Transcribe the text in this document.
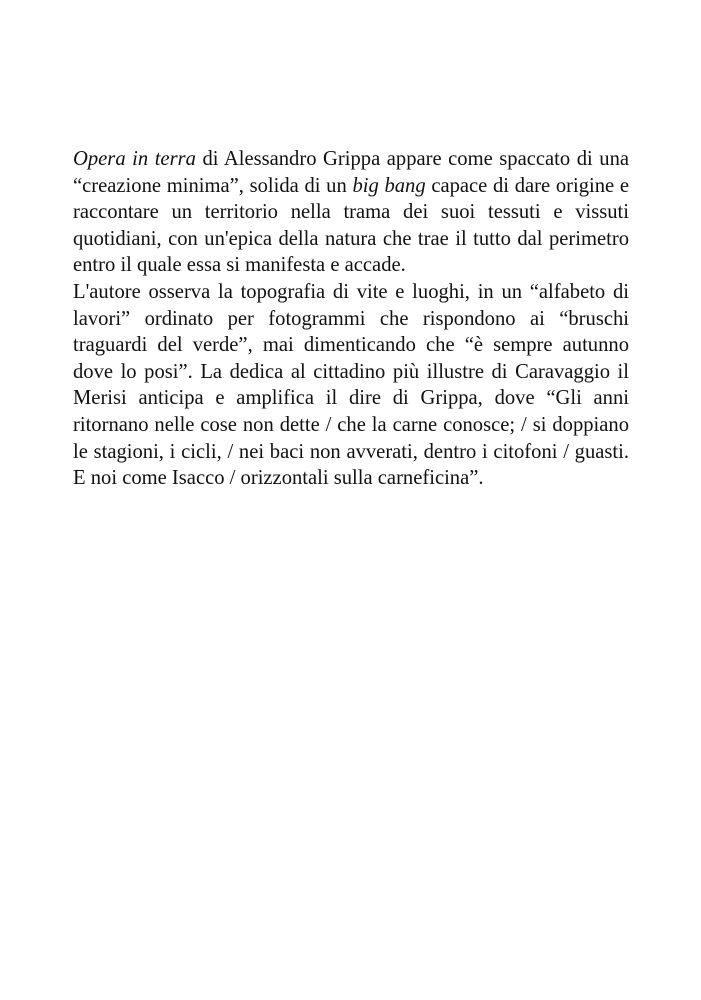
Opera in terra di Alessandro Grippa appare come spaccato di una “creazione minima”, solida di un big bang capace di dare origine e raccontare un territorio nella trama dei suoi tessuti e vissuti quotidiani, con un'epica della natura che trae il tutto dal perimetro entro il quale essa si manifesta e accade.

L'autore osserva la topografia di vite e luoghi, in un “alfabeto di lavori” ordinato per fotogrammi che rispondono ai “bruschi traguardi del verde”, mai dimenticando che “è sempre autunno dove lo posi”. La dedica al cittadino più illustre di Caravaggio il Merisi anticipa e amplifica il dire di Grippa, dove “Gli anni ritornano nelle cose non dette / che la carne conosce; / si doppiano le stagioni, i cicli, / nei baci non avverati, dentro i citofoni / guasti. E noi come Isacco / orizzontali sulla carneficina”.
